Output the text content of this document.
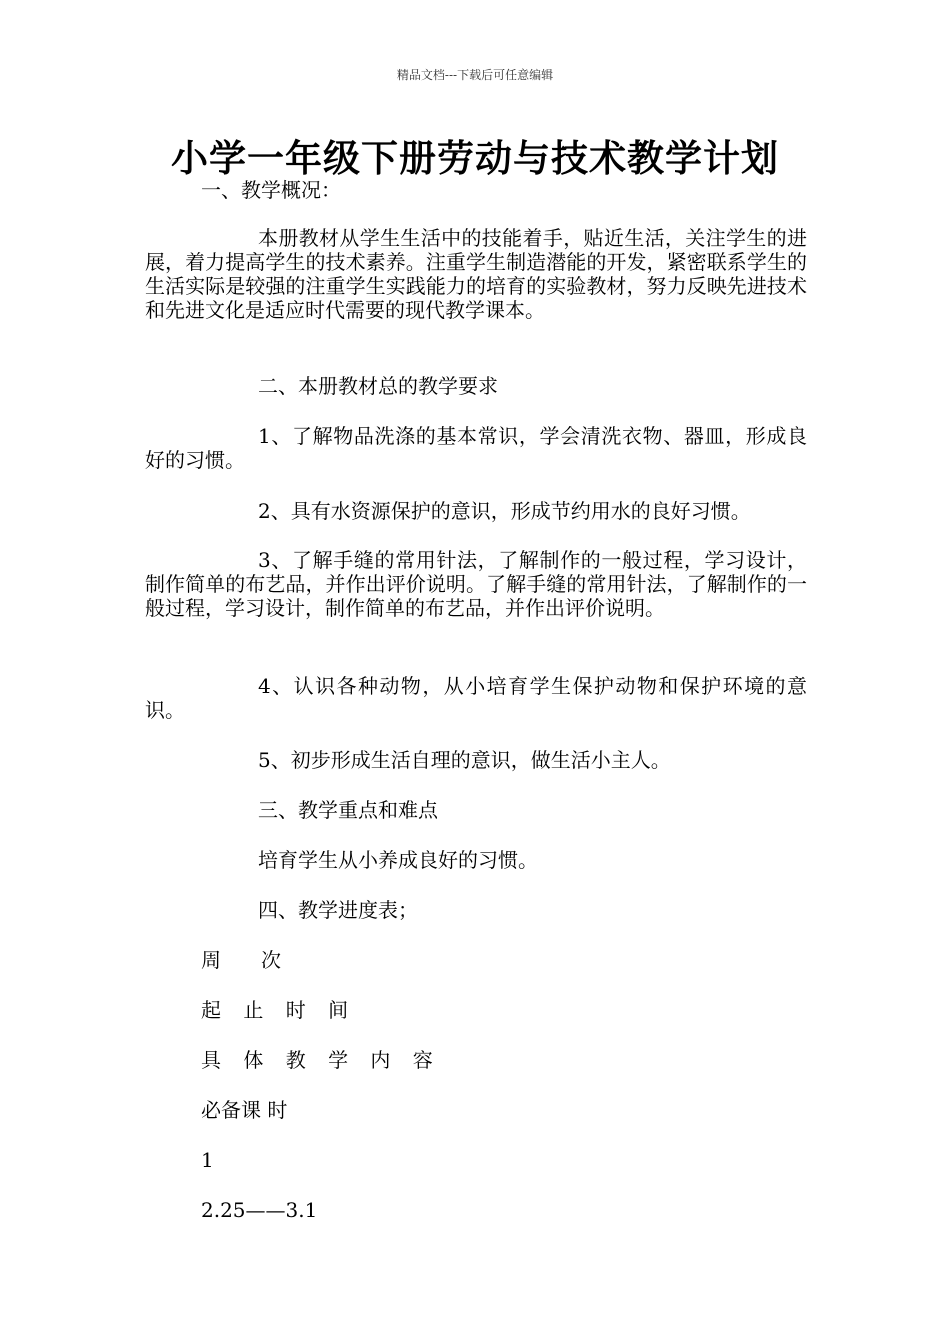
精品文档---下载后可任意编辑
小学一年级下册劳动与技术教学计划
一、教学概况：
本册教材从学生生活中的技能着手，贴近生活，关注学生的进展，着力提高学生的技术素养。注重学生制造潜能的开发，紧密联系学生的生活实际是较强的注重学生实践能力的培育的实验教材，努力反映先进技术和先进文化是适应时代需要的现代教学课本。
二、本册教材总的教学要求
1、了解物品洗涤的基本常识，学会清洗衣物、器皿，形成良好的习惯。
2、具有水资源保护的意识，形成节约用水的良好习惯。
3、了解手缝的常用针法，了解制作的一般过程，学习设计，制作简单的布艺品，并作出评价说明。了解手缝的常用针法，了解制作的一般过程，学习设计，制作简单的布艺品，并作出评价说明。
4、认识各种动物，从小培育学生保护动物和保护环境的意识。
5、初步形成生活自理的意识，做生活小主人。
三、教学重点和难点
培育学生从小养成良好的习惯。
四、教学进度表；
周　　次
起 止 时 间
具 体 教 学 内 容
必备课 时
1
2.25——3.1
